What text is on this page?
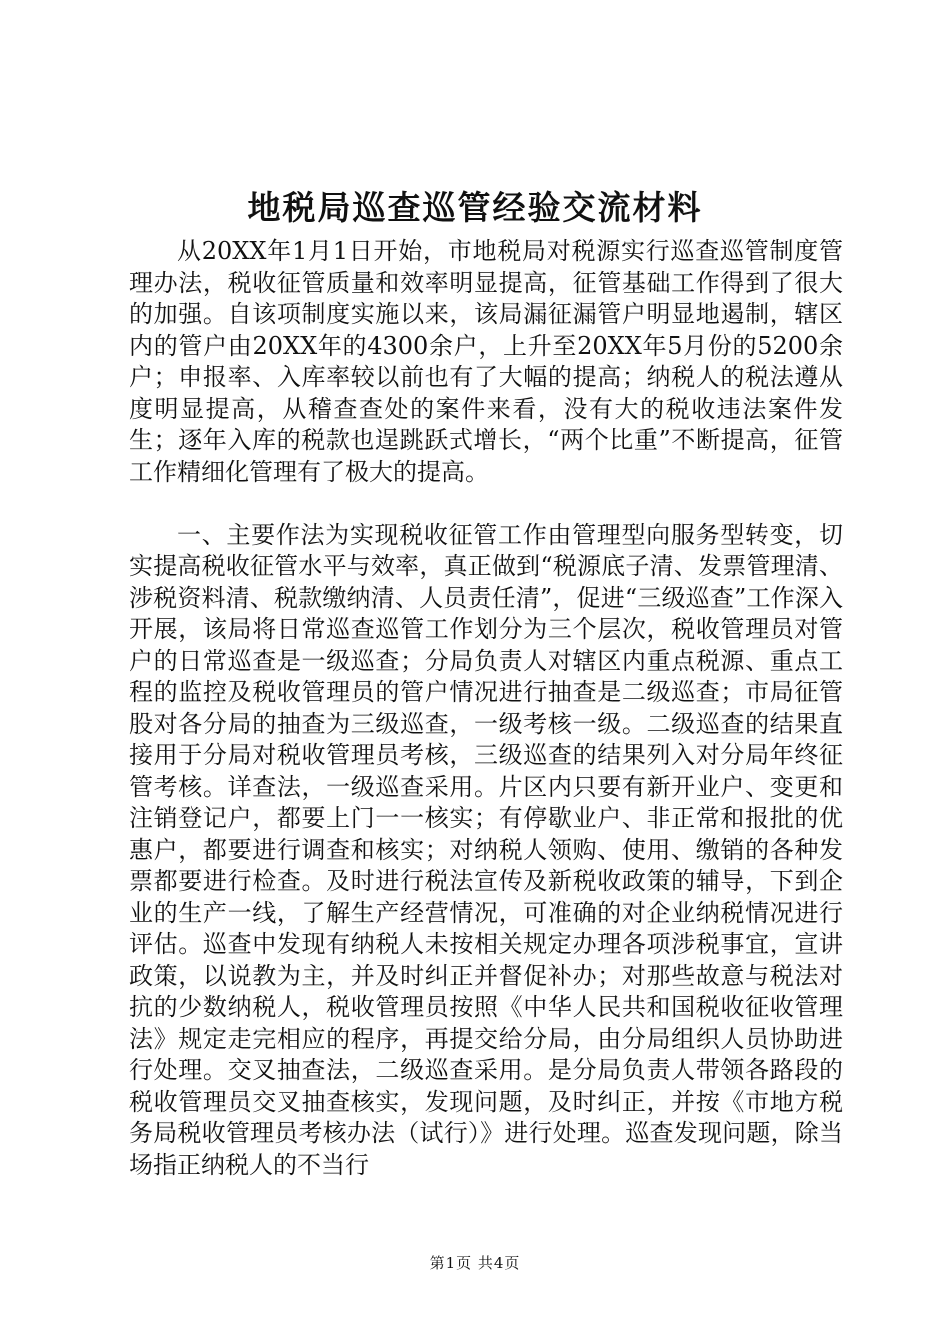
地税局巡查巡管经验交流材料

从20XX年1月1日开始，市地税局对税源实行巡查巡管制度管理办法，税收征管质量和效率明显提高，征管基础工作得到了很大的加强。自该项制度实施以来，该局漏征漏管户明显地遏制，辖区内的管户由20XX年的4300余户，上升至20XX年5月份的5200余户；申报率、入库率较以前也有了大幅的提高；纳税人的税法遵从度明显提高，从稽查查处的案件来看，没有大的税收违法案件发生；逐年入库的税款也逞跳跃式增长，“两个比重”不断提高，征管工作精细化管理有了极大的提高。

一、主要作法为实现税收征管工作由管理型向服务型转变，切实提高税收征管水平与效率，真正做到“税源底子清、发票管理清、涉税资料清、税款缴纳清、人员责任清”，促进“三级巡查”工作深入开展，该局将日常巡查巡管工作划分为三个层次，税收管理员对管户的日常巡查是一级巡查；分局负责人对辖区内重点税源、重点工程的监控及税收管理员的管户情况进行抽查是二级巡查；市局征管股对各分局的抽查为三级巡查，一级考核一级。二级巡查的结果直接用于分局对税收管理员考核，三级巡查的结果列入对分局年终征管考核。详查法，一级巡查采用。片区内只要有新开业户、变更和注销登记户，都要上门一一核实；有停歇业户、非正常和报批的优惠户，都要进行调查和核实；对纳税人领购、使用、缴销的各种发票都要进行检查。及时进行税法宣传及新税收政策的辅导，下到企业的生产一线，了解生产经营情况，可准确的对企业纳税情况进行评估。巡查中发现有纳税人未按相关规定办理各项涉税事宜，宣讲政策，以说教为主，并及时纠正并督促补办；对那些故意与税法对抗的少数纳税人，税收管理员按照《中华人民共和国税收征收管理法》规定走完相应的程序，再提交给分局，由分局组织人员协助进行处理。交叉抽查法，二级巡查采用。是分局负责人带领各路段的税收管理员交叉抽查核实，发现问题，及时纠正，并按《市地方税务局税收管理员考核办法（试行）》进行处理。巡查发现问题，除当场指正纳税人的不当行

第1页 共4页
